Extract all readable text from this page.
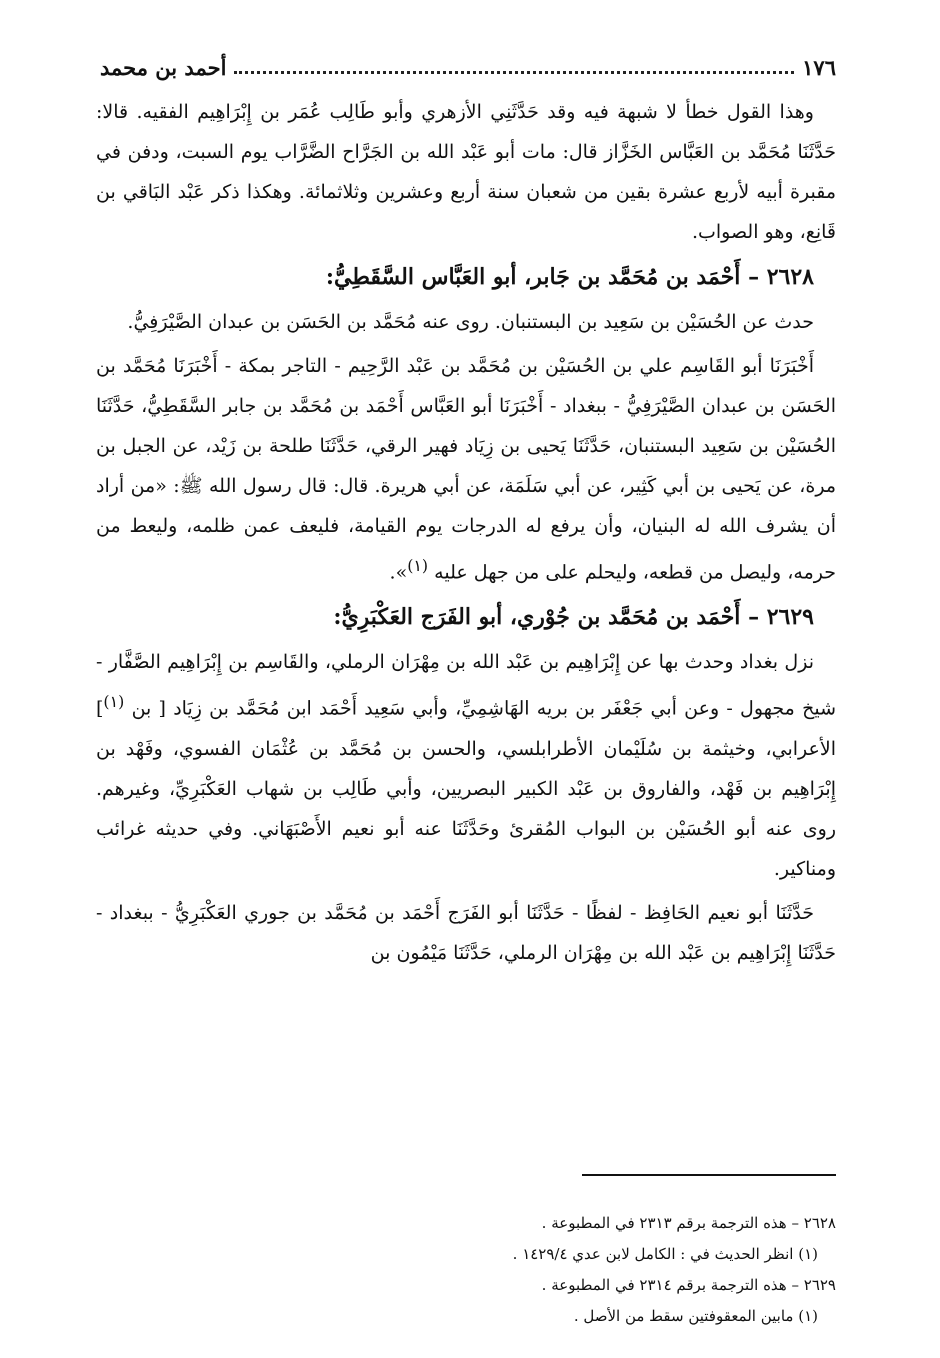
١٧٦
أحمد بن محمد

وهذا القول خطأ لا شبهة فيه وقد حَدَّثَنِي الأزهري وأبو طَالِب عُمَر بن إِبْرَاهِيم الفقيه. قالا: حَدَّثَنَا مُحَمَّد بن العَبَّاس الخَزَّاز قال: مات أبو عَبْد الله بن الجَرَّاح الضَّرَّاب يوم السبت، ودفن في مقبرة أبيه لأربع عشرة بقين من شعبان سنة أربع وعشرين وثلاثمائة. وهكذا ذكر عَبْد البَاقي بن قَانِع، وهو الصواب.

٢٦٢٨ – أَحْمَد بن مُحَمَّد بن جَابر، أبو العَبَّاس السَّقَطِيُّ:

حدث عن الحُسَيْن بن سَعِيد بن البستنبان. روى عنه مُحَمَّد بن الحَسَن بن عبدان الصَّيْرَفِيُّ.

أَخْبَرَنَا أبو القَاسِم علي بن الحُسَيْن بن مُحَمَّد بن عَبْد الرَّحِيم - التاجر بمكة - أَخْبَرَنَا مُحَمَّد بن الحَسَن بن عبدان الصَّيْرَفِيُّ - ببغداد - أَخْبَرَنَا أبو العَبَّاس أَحْمَد بن مُحَمَّد بن جابر السَّقَطِيُّ، حَدَّثَنَا الحُسَيْن بن سَعِيد البستنبان، حَدَّثَنَا يَحيى بن زِيَاد فهير الرقي، حَدَّثَنَا طلحة بن زَيْد، عن الجبل بن مرة، عن يَحيى بن أبي كَثِير، عن أبي سَلَمَة، عن أبي هريرة. قال: قال رسول الله ﷺ: «من أراد أن يشرف الله له البنيان، وأن يرفع له الدرجات يوم القيامة، فليعف عمن ظلمه، وليعط من حرمه، وليصل من قطعه، وليحلم على من جهل عليه $^{(١)}$».

٢٦٢٩ – أَحْمَد بن مُحَمَّد بن جُوْري، أبو الفَرَج العَكْبَرِيُّ:

نزل بغداد وحدث بها عن إِبْرَاهِيم بن عَبْد الله بن مِهْرَان الرملي، والقَاسِم بن إِبْرَاهِيم الصَّفَّار - شيخ مجهول - وعن أبي جَعْفَر بن بريه الهَاشِمِيِّ، وأبي سَعِيد أَحْمَد ابن مُحَمَّد بن زِيَاد [ بن $^{(١)}$] الأعرابي، وخيثمة بن سُلَيْمان الأطرابلسي، والحسن بن مُحَمَّد بن عُثْمَان الفسوي، وفَهْد بن إِبْرَاهِيم بن فَهْد، والفاروق بن عَبْد الكبير البصريين، وأبي طَالِب بن شهاب العَكْبَرِيِّ، وغيرهم. روى عنه أبو الحُسَيْن بن البواب المُقرئ وحَدَّثَنَا عنه أبو نعيم الأَصْبَهَاني. وفي حديثه غرائب ومناكير.

حَدَّثَنَا أبو نعيم الحَافِظ - لفظًا - حَدَّثَنَا أبو الفَرَج أَحْمَد بن مُحَمَّد بن جوري العَكْبَرِيُّ - ببغداد - حَدَّثَنَا إِبْرَاهِيم بن عَبْد الله بن مِهْرَان الرملي، حَدَّثَنَا مَيْمُون بن

٢٦٢٨ – هذه الترجمة برقم ٢٣١٣ في المطبوعة .
(١) انظر الحديث في : الكامل لابن عدي ١٤٢٩/٤ .
٢٦٢٩ – هذه الترجمة برقم ٢٣١٤ في المطبوعة .
(١) مابين المعقوفتين سقط من الأصل .
